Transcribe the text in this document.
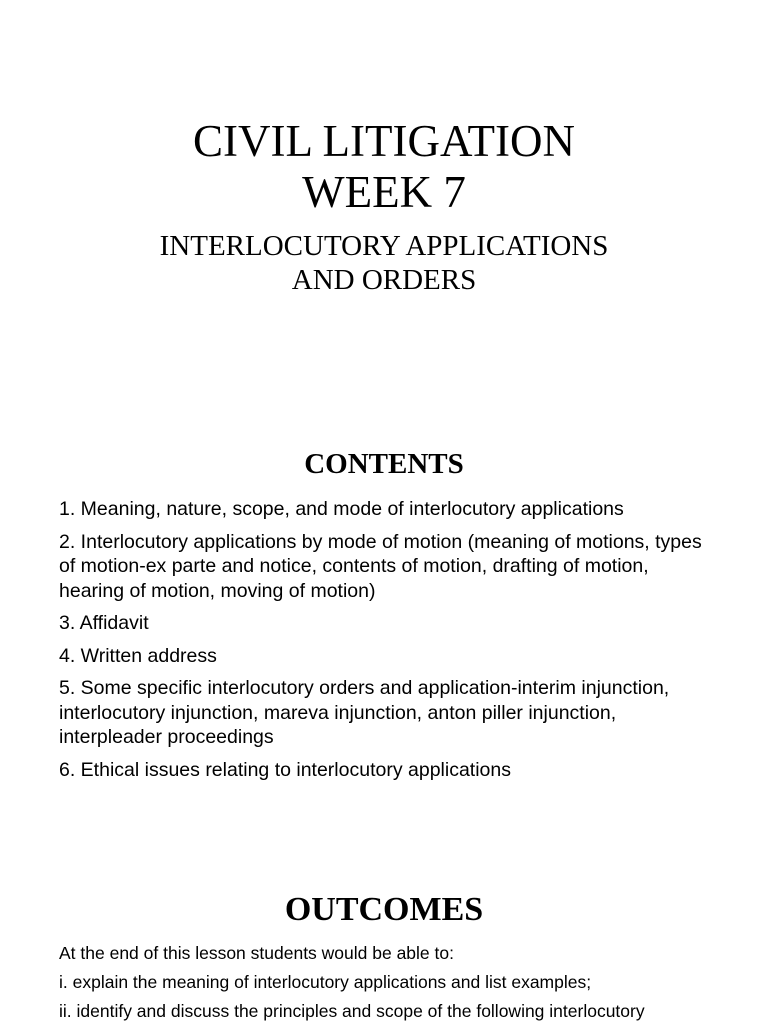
CIVIL LITIGATION
WEEK 7
INTERLOCUTORY APPLICATIONS
AND ORDERS
CONTENTS
1. Meaning, nature, scope, and mode of interlocutory applications
2. Interlocutory applications by mode of motion (meaning of motions, types of motion-ex parte and notice, contents of motion, drafting of motion, hearing of motion, moving of motion)
3. Affidavit
4. Written address
5. Some specific interlocutory orders and application-interim injunction, interlocutory injunction, mareva injunction, anton piller injunction, interpleader proceedings
6. Ethical issues relating to interlocutory applications
OUTCOMES
At the end of this lesson students would be able to:
i. explain the meaning of interlocutory applications and list examples;
ii. identify and discuss the principles and scope of the following interlocutory
